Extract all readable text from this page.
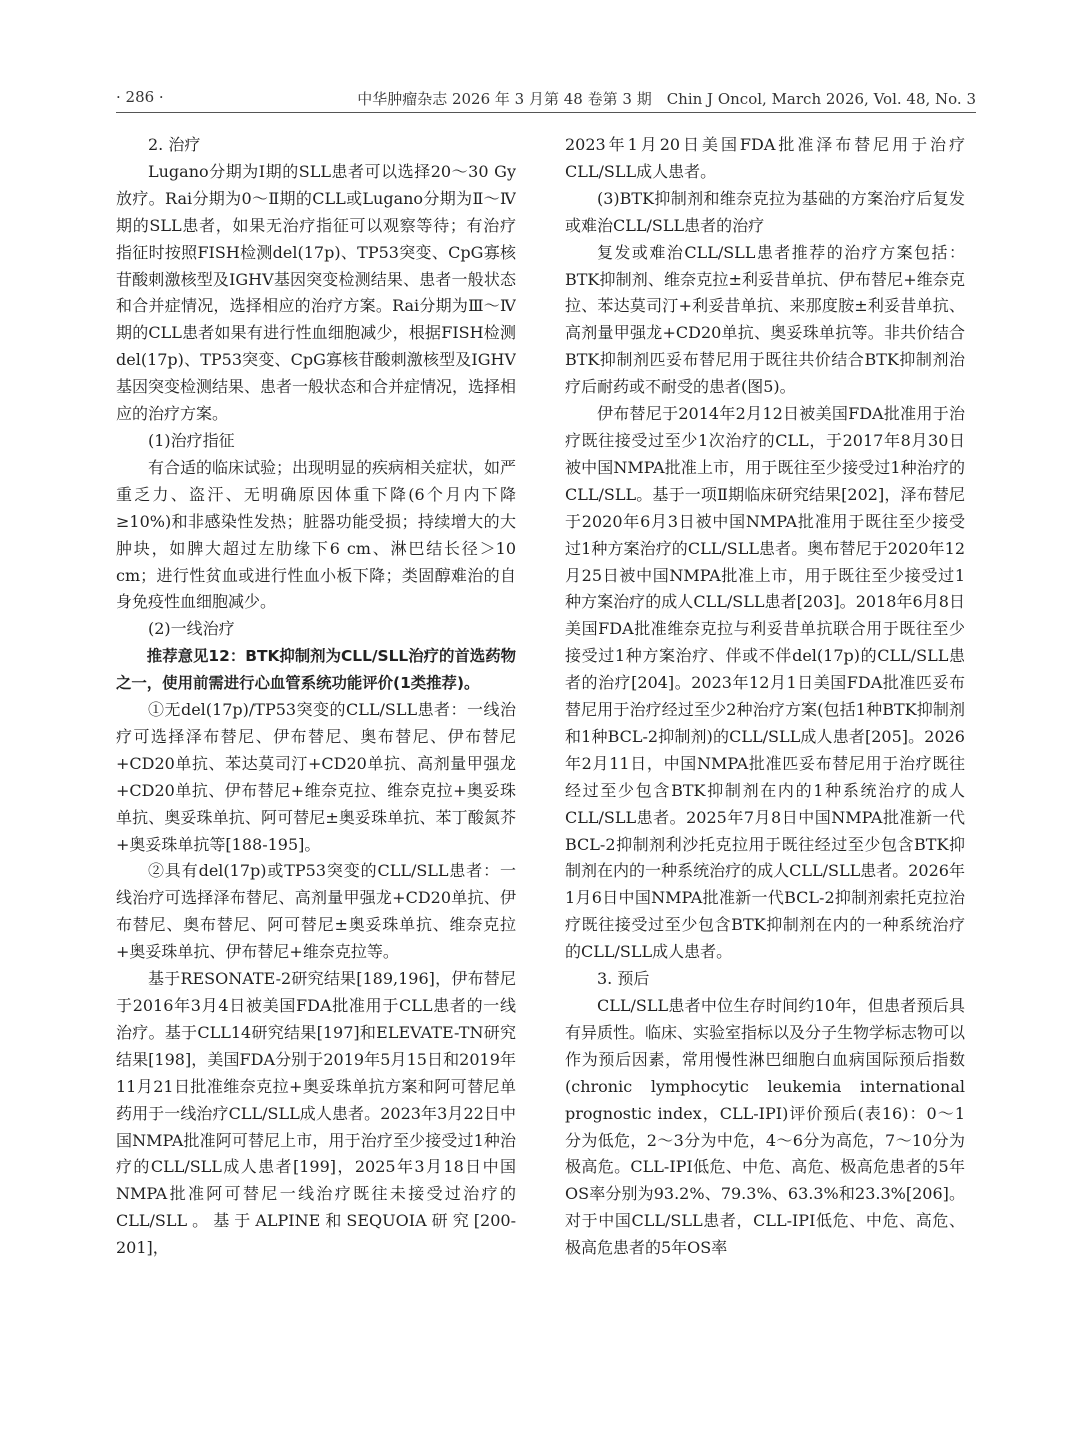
· 286 ·	中华肿瘤杂志 2026 年 3 月第 48 卷第 3 期　Chin J Oncol, March 2026, Vol. 48, No. 3

2. 治疗

Lugano分期为Ⅰ期的SLL患者可以选择20～30 Gy放疗。Rai分期为0～Ⅱ期的CLL或Lugano分期为Ⅱ～Ⅳ期的SLL患者，如果无治疗指征可以观察等待；有治疗指征时按照FISH检测del(17p)、TP53突变、CpG寡核苷酸刺激核型及IGHV基因突变检测结果、患者一般状态和合并症情况，选择相应的治疗方案。Rai分期为Ⅲ～Ⅳ期的CLL患者如果有进行性血细胞减少，根据FISH检测del(17p)、TP53突变、CpG寡核苷酸刺激核型及IGHV基因突变检测结果、患者一般状态和合并症情况，选择相应的治疗方案。

(1)治疗指征

有合适的临床试验；出现明显的疾病相关症状，如严重乏力、盗汗、无明确原因体重下降(6个月内下降≥10%)和非感染性发热；脏器功能受损；持续增大的大肿块，如脾大超过左肋缘下6 cm、淋巴结长径＞10 cm；进行性贫血或进行性血小板下降；类固醇难治的自身免疫性血细胞减少。

(2)一线治疗

推荐意见12：BTK抑制剂为CLL/SLL治疗的首选药物之一，使用前需进行心血管系统功能评价(1类推荐)。

①无del(17p)/TP53突变的CLL/SLL患者：一线治疗可选择泽布替尼、伊布替尼、奥布替尼、伊布替尼+CD20单抗、苯达莫司汀+CD20单抗、高剂量甲强龙+CD20单抗、伊布替尼+维奈克拉、维奈克拉+奥妥珠单抗、奥妥珠单抗、阿可替尼±奥妥珠单抗、苯丁酸氮芥+奥妥珠单抗等[188-195]。

②具有del(17p)或TP53突变的CLL/SLL患者：一线治疗可选择泽布替尼、高剂量甲强龙+CD20单抗、伊布替尼、奥布替尼、阿可替尼±奥妥珠单抗、维奈克拉+奥妥珠单抗、伊布替尼+维奈克拉等。

基于RESONATE-2研究结果[189,196]，伊布替尼于2016年3月4日被美国FDA批准用于CLL患者的一线治疗。基于CLL14研究结果[197]和ELEVATE-TN研究结果[198]，美国FDA分别于2019年5月15日和2019年11月21日批准维奈克拉+奥妥珠单抗方案和阿可替尼单药用于一线治疗CLL/SLL成人患者。2023年3月22日中国NMPA批准阿可替尼上市，用于治疗至少接受过1种治疗的CLL/SLL成人患者[199]，2025年3月18日中国NMPA批准阿可替尼一线治疗既往未接受过治疗的CLL/SLL。基于ALPINE和SEQUOIA研究[200-201]，

2023年1月20日美国FDA批准泽布替尼用于治疗CLL/SLL成人患者。

(3)BTK抑制剂和维奈克拉为基础的方案治疗后复发或难治CLL/SLL患者的治疗

复发或难治CLL/SLL患者推荐的治疗方案包括：BTK抑制剂、维奈克拉±利妥昔单抗、伊布替尼+维奈克拉、苯达莫司汀+利妥昔单抗、来那度胺±利妥昔单抗、高剂量甲强龙+CD20单抗、奥妥珠单抗等。非共价结合BTK抑制剂匹妥布替尼用于既往共价结合BTK抑制剂治疗后耐药或不耐受的患者(图5)。

伊布替尼于2014年2月12日被美国FDA批准用于治疗既往接受过至少1次治疗的CLL，于2017年8月30日被中国NMPA批准上市，用于既往至少接受过1种治疗的CLL/SLL。基于一项Ⅱ期临床研究结果[202]，泽布替尼于2020年6月3日被中国NMPA批准用于既往至少接受过1种方案治疗的CLL/SLL患者。奥布替尼于2020年12月25日被中国NMPA批准上市，用于既往至少接受过1种方案治疗的成人CLL/SLL患者[203]。2018年6月8日美国FDA批准维奈克拉与利妥昔单抗联合用于既往至少接受过1种方案治疗、伴或不伴del(17p)的CLL/SLL患者的治疗[204]。2023年12月1日美国FDA批准匹妥布替尼用于治疗经过至少2种治疗方案(包括1种BTK抑制剂和1种BCL-2抑制剂)的CLL/SLL成人患者[205]。2026年2月11日，中国NMPA批准匹妥布替尼用于治疗既往经过至少包含BTK抑制剂在内的1种系统治疗的成人CLL/SLL患者。2025年7月8日中国NMPA批准新一代BCL-2抑制剂利沙托克拉用于既往经过至少包含BTK抑制剂在内的一种系统治疗的成人CLL/SLL患者。2026年1月6日中国NMPA批准新一代BCL-2抑制剂索托克拉治疗既往接受过至少包含BTK抑制剂在内的一种系统治疗的CLL/SLL成人患者。

3. 预后

CLL/SLL患者中位生存时间约10年，但患者预后具有异质性。临床、实验室指标以及分子生物学标志物可以作为预后因素，常用慢性淋巴细胞白血病国际预后指数(chronic lymphocytic leukemia international prognostic index，CLL-IPI)评价预后(表16)：0～1分为低危，2～3分为中危，4～6分为高危，7～10分为极高危。CLL-IPI低危、中危、高危、极高危患者的5年OS率分别为93.2%、79.3%、63.3%和23.3%[206]。对于中国CLL/SLL患者，CLL-IPI低危、中危、高危、极高危患者的5年OS率
